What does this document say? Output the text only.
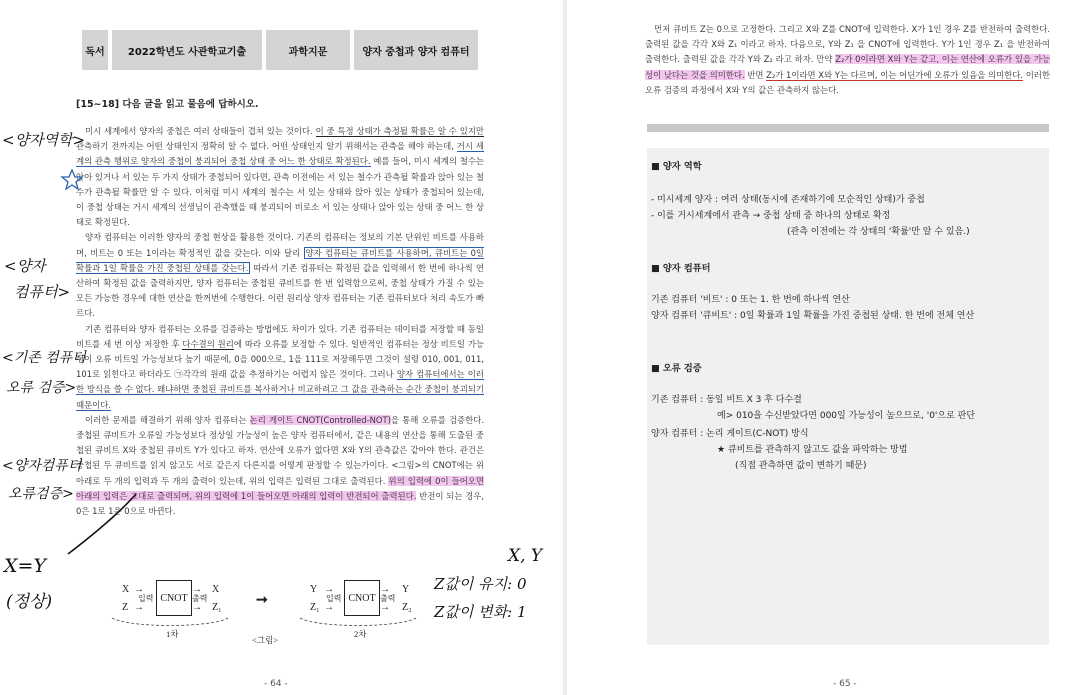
독서	2022학년도 사관학교기출	과학지문	양자 중첩과 양자 컴퓨터
[15~18] 다음 글을 읽고 물음에 답하시오.

미시 세계에서 양자의 중첩은 여러 상태들이 겹쳐 있는 것이다. 이 중 특정 상태가 측정될 확률은 알 수 있지만 관측하기 전까지는 어떤 상태인지 정확히 알 수 없다. 어떤 상태인지 알기 위해서는 관측을 해야 하는데, 거시 세계의 관측 행위로 양자의 중첩이 붕괴되어 중첩 상태 중 어느 한 상태로 확정된다. 예를 들어, 미시 세계의 철수는 앉아 있거나 서 있는 두 가지 상태가 중첩되어 있다면, 관측 이전에는 서 있는 철수가 관측될 확률과 앉아 있는 철수가 관측될 확률만 알 수 있다. 이처럼 미시 세계의 철수는 서 있는 상태와 앉아 있는 상태가 중첩되어 있는데, 이 중첩 상태는 거시 세계의 선생님이 관측했을 때 붕괴되어 비로소 서 있는 상태나 앉아 있는 상태 중 어느 한 상태로 확정된다.

양자 컴퓨터는 이러한 양자의 중첩 현상을 활용한 것이다. 기존의 컴퓨터는 정보의 기본 단위인 비트를 사용하며, 비트는 0 또는 1이라는 확정적인 값을 갖는다. 이와 달리 양자 컴퓨터는 큐비트를 사용하며, 큐비트는 0일 확률과 1일 확률을 가진 중첩된 상태를 갖는다. 따라서 기존 컴퓨터는 확정된 값을 입력해서 한 번에 하나씩 연산하여 확정된 값을 출력하지만, 양자 컴퓨터는 중첩된 큐비트를 한 번 입력함으로써, 중첩 상태가 가질 수 있는 모든 가능한 경우에 대한 연산을 한꺼번에 수행한다. 이런 원리상 양자 컴퓨터는 기존 컴퓨터보다 처리 속도가 빠르다.

기존 컴퓨터와 양자 컴퓨터는 오류를 검증하는 방법에도 차이가 있다. 기존 컴퓨터는 데이터를 저장할 때 동일 비트를 세 번 이상 저장한 후 다수결의 원리에 따라 오류를 보정할 수 있다. 일반적인 컴퓨터는 정상 비트일 가능성이 오류 비트일 가능성보다 높기 때문에, 0을 000으로, 1을 111로 저장해두면 그것이 설령 010, 001, 011, 101로 읽힌다고 하더라도 ㉠각각의 원래 값을 추정하기는 어렵지 않은 것이다. 그러나 양자 컴퓨터에서는 이러한 방식을 쓸 수 없다. 왜냐하면 중첩된 큐비트를 복사하거나 비교하려고 그 값을 관측하는 순간 중첩이 붕괴되기 때문이다.

이러한 문제를 해결하기 위해 양자 컴퓨터는 논리 게이트 CNOT(Controlled-NOT)을 통해 오류를 검증한다. 중첩된 큐비트가 오류일 가능성보다 정상일 가능성이 높은 양자 컴퓨터에서, 같은 내용의 연산을 통해 도출된 중첩된 큐비트 X와 중첩된 큐비트 Y가 있다고 하자. 연산에 오류가 없다면 X와 Y의 관측값은 같아야 한다. 관건은 중첩된 두 큐비트를 읽지 않고도 서로 같은지 다른지를 어떻게 판정할 수 있는가이다. <그림>의 CNOT에는 위아래로 두 개의 입력과 두 개의 출력이 있는데, 위의 입력은 입력된 그대로 출력된다. 위의 입력에 0이 들어오면 아래의 입력은 그대로 출력되며, 위의 입력에 1이 들어오면 아래의 입력이 반전되어 출력된다. 반전이 되는 경우, 0은 1로 1은 0으로 바뀐다.

<양자역학>
<양자
컴퓨터>
<기존 컴퓨터
오류 검증>
<양자컴퓨터
오류검증>
X=Y
(정상)
X, Y
Z값이 유지: 0
Z값이 변화: 1
X
Z
→
→
입력 CNOT
→
→
출력
X
Z₁
1차
➞
Y
Z₁
→
→
입력 CNOT
→
→
출력
Y
Z₂
2차
<그림>
- 64 -	- 65 -

먼저 큐비트 Z는 0으로 고정한다. 그리고 X와 Z를 CNOT에 입력한다. X가 1인 경우 Z를 반전하여 출력한다. 출력된 값을 각각 X와 Z₁ 이라고 하자. 다음으로, Y와 Z₁ 을 CNOT에 입력한다. Y가 1인 경우 Z₁ 을 반전하여 출력한다. 출력된 값을 각각 Y와 Z₂ 라고 하자. 만약 Z₂가 0이라면 X와 Y는 같고, 이는 연산에 오류가 있을 가능성이 낮다는 것을 의미한다. 반면 Z₂가 1이라면 X와 Y는 다르며, 이는 어딘가에 오류가 있음을 의미한다. 이러한 오류 검증의 과정에서 X와 Y의 값은 관측하지 않는다.

■ 양자 역학
- 미시세계 양자 : 여러 상태(동시에 존재하기에 모순적인 상태)가 중첩
- 이를 거시세계에서 관측 → 중첩 상태 중 하나의 상태로 확정
(관측 이전에는 각 상태의 '확률'만 알 수 있음.)
■ 양자 컴퓨터
기존 컴퓨터 '비트' : 0 또는 1. 한 번에 하나씩 연산
양자 컴퓨터 '큐비트' : 0일 확률과 1일 확률을 가진 중첩된 상태. 한 번에 전체 연산
■ 오류 검증
기존 컴퓨터 : 동일 비트 X 3 후 다수결
예> 010을 수신받았다면 000일 가능성이 높으므로, '0'으로 판단
양자 컴퓨터 : 논리 게이트(C-NOT) 방식
★ 큐비트를 관측하지 않고도 값을 파악하는 방법
(직접 관측하면 값이 변하기 때문)
